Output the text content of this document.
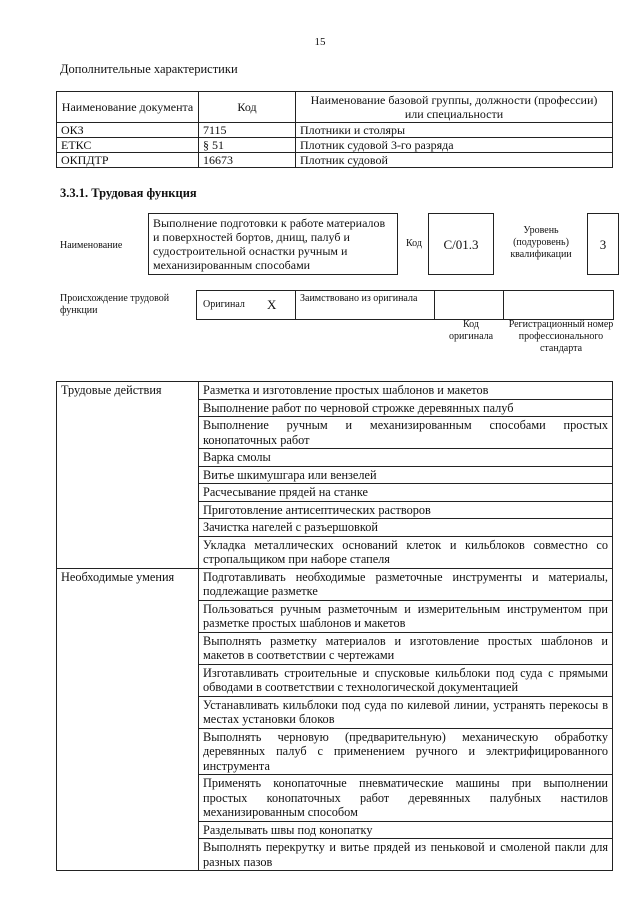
15
Дополнительные характеристики
Наименование документа	Код	Наименование базовой группы, должности (профессии) или специальности
ОКЗ	7115	Плотники и столяры
ЕТКС	§ 51	Плотник судовой 3-го разряда
ОКПДТР	16673	Плотник судовой
3.3.1. Трудовая функция
Наименование
Выполнение подготовки к работе материалов и поверхностей бортов, днищ, палуб и судостроительной оснастки ручным и механизированным способами
Код	C/01.3
Уровень (подуровень) квалификации
3
Происхождение трудовой функции
Оригинал X	Заимствовано из оригинала
Код оригинала
Регистрационный номер профессионального стандарта
Трудовые действия	Разметка и изготовление простых шаблонов и макетов
	Выполнение работ по черновой строжке деревянных палуб
	Выполнение ручным и механизированным способами простых конопаточных работ
	Варка смолы
	Витье шкимушгара или вензелей
	Расчесывание прядей на станке
	Приготовление антисептических растворов
	Зачистка нагелей с разъершовкой
	Укладка металлических оснований клеток и кильблоков совместно со стропальщиком при наборе стапеля
Необходимые умения	Подготавливать необходимые разметочные инструменты и материалы, подлежащие разметке
	Пользоваться ручным разметочным и измерительным инструментом при разметке простых шаблонов и макетов
	Выполнять разметку материалов и изготовление простых шаблонов и макетов в соответствии с чертежами
	Изготавливать строительные и спусковые кильблоки под суда с прямыми обводами в соответствии с технологической документацией
	Устанавливать кильблоки под суда по килевой линии, устранять перекосы в местах установки блоков
	Выполнять черновую (предварительную) механическую обработку деревянных палуб с применением ручного и электрифицированного инструмента
	Применять конопаточные пневматические машины при выполнении простых конопаточных работ деревянных палубных настилов механизированным способом
	Разделывать швы под конопатку
	Выполнять перекрутку и витье прядей из пеньковой и смоленой пакли для разных пазов
